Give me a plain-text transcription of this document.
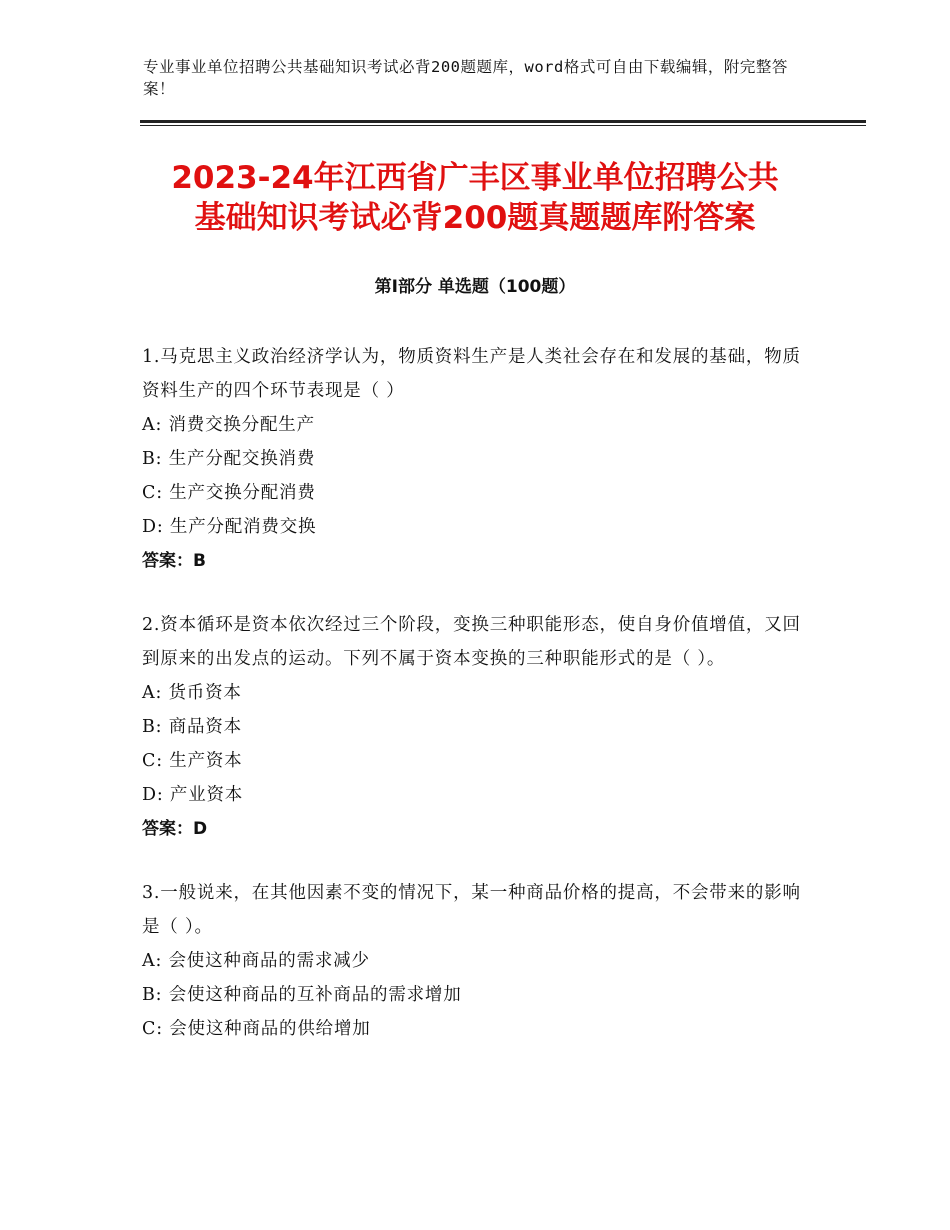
专业事业单位招聘公共基础知识考试必背200题题库，word格式可自由下载编辑，附完整答案！
2023-24年江西省广丰区事业单位招聘公共
基础知识考试必背200题真题题库附答案
第Ⅰ部分 单选题（100题）
1.马克思主义政治经济学认为，物质资料生产是人类社会存在和发展的基础，物质资料生产的四个环节表现是（ ）
A: 消费交换分配生产
B: 生产分配交换消费
C: 生产交换分配消费
D: 生产分配消费交换
答案：B
2.资本循环是资本依次经过三个阶段，变换三种职能形态，使自身价值增值，又回到原来的出发点的运动。下列不属于资本变换的三种职能形式的是（ ）。
A: 货币资本
B: 商品资本
C: 生产资本
D: 产业资本
答案：D
3.一般说来，在其他因素不变的情况下，某一种商品价格的提高，不会带来的影响是（ ）。
A: 会使这种商品的需求减少
B: 会使这种商品的互补商品的需求增加
C: 会使这种商品的供给增加
